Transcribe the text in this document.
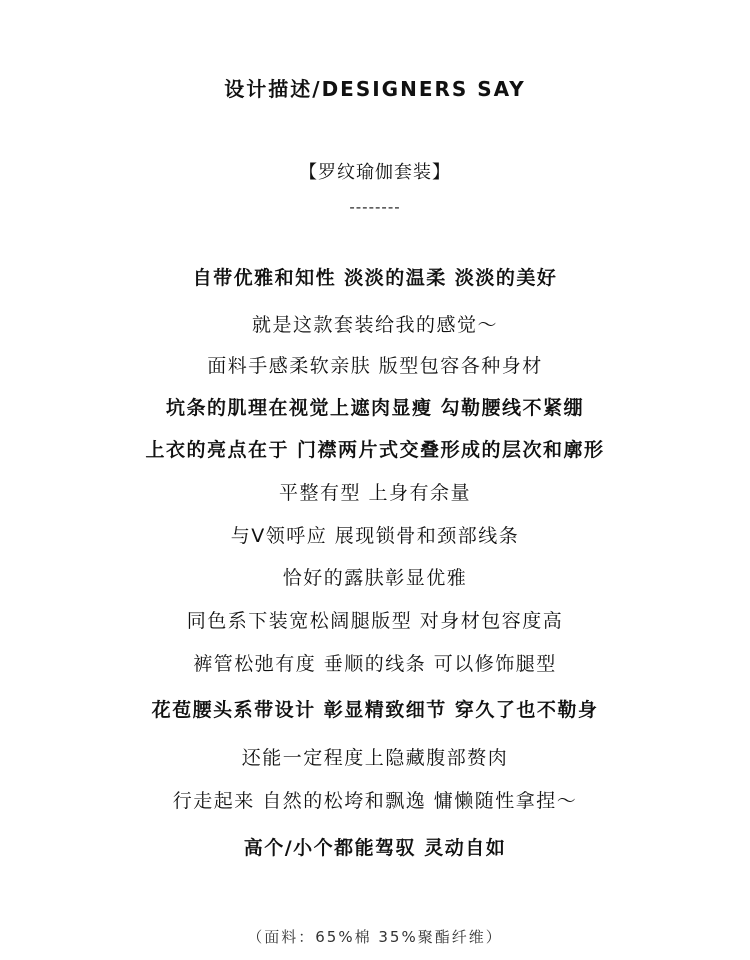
设计描述/DESIGNERS SAY
【罗纹瑜伽套装】
--------
自带优雅和知性 淡淡的温柔 淡淡的美好
就是这款套装给我的感觉～
面料手感柔软亲肤 版型包容各种身材
坑条的肌理在视觉上遮肉显瘦 勾勒腰线不紧绷
上衣的亮点在于 门襟两片式交叠形成的层次和廓形
平整有型 上身有余量
与V领呼应 展现锁骨和颈部线条
恰好的露肤彰显优雅
同色系下装宽松阔腿版型 对身材包容度高
裤管松弛有度 垂顺的线条 可以修饰腿型
花苞腰头系带设计 彰显精致细节 穿久了也不勒身
还能一定程度上隐藏腹部赘肉
行走起来 自然的松垮和飘逸 慵懒随性拿捏～
高个/小个都能驾驭 灵动自如
（面料：65%棉 35%聚酯纤维）
